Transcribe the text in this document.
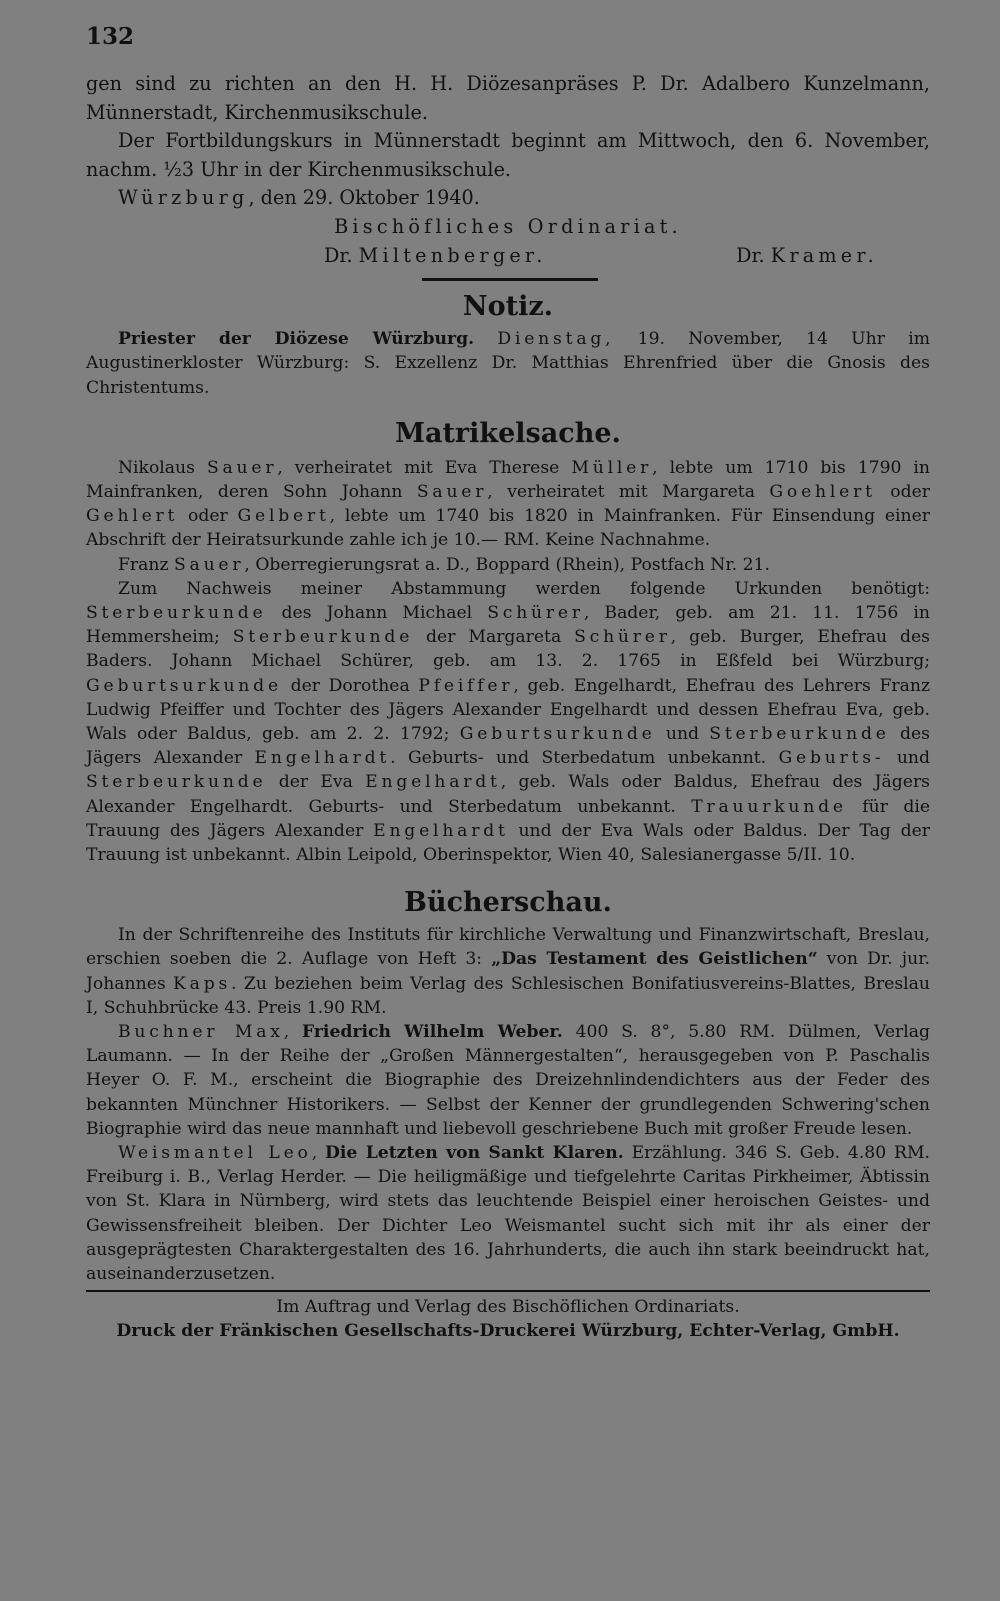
132

gen sind zu richten an den H. H. Diözesanpräses P. Dr. Adalbero Kunzelmann, Münnerstadt, Kirchenmusikschule.

Der Fortbildungskurs in Münnerstadt beginnt am Mittwoch, den 6. November, nachm. ½3 Uhr in der Kirchenmusikschule.

Würzburg, den 29. Oktober 1940.

Bischöfliches Ordinariat.

Dr. Miltenberger.	Dr. Kramer.

Notiz.

Priester der Diözese Würzburg. Dienstag, 19. November, 14 Uhr im Augustinerkloster Würzburg: S. Exzellenz Dr. Matthias Ehrenfried über die Gnosis des Christentums.

Matrikelsache.

Nikolaus Sauer, verheiratet mit Eva Therese Müller, lebte um 1710 bis 1790 in Mainfranken, deren Sohn Johann Sauer, verheiratet mit Margareta Goehlert oder Gehlert oder Gelbert, lebte um 1740 bis 1820 in Mainfranken. Für Einsendung einer Abschrift der Heiratsurkunde zahle ich je 10.— RM. Keine Nachnahme.

Franz Sauer, Oberregierungsrat a. D., Boppard (Rhein), Postfach Nr. 21.

Zum Nachweis meiner Abstammung werden folgende Urkunden benötigt: Sterbeurkunde des Johann Michael Schürer, Bader, geb. am 21. 11. 1756 in Hemmersheim; Sterbeurkunde der Margareta Schürer, geb. Burger, Ehefrau des Baders. Johann Michael Schürer, geb. am 13. 2. 1765 in Eßfeld bei Würzburg; Geburtsurkunde der Dorothea Pfeiffer, geb. Engelhardt, Ehefrau des Lehrers Franz Ludwig Pfeiffer und Tochter des Jägers Alexander Engelhardt und dessen Ehefrau Eva, geb. Wals oder Baldus, geb. am 2. 2. 1792; Geburtsurkunde und Sterbeurkunde des Jägers Alexander Engelhardt. Geburts- und Sterbedatum unbekannt. Geburts- und Sterbeurkunde der Eva Engelhardt, geb. Wals oder Baldus, Ehefrau des Jägers Alexander Engelhardt. Geburts- und Sterbedatum unbekannt. Trauurkunde für die Trauung des Jägers Alexander Engelhardt und der Eva Wals oder Baldus. Der Tag der Trauung ist unbekannt. Albin Leipold, Oberinspektor, Wien 40, Salesianergasse 5/II. 10.

Bücherschau.

In der Schriftenreihe des Instituts für kirchliche Verwaltung und Finanzwirtschaft, Breslau, erschien soeben die 2. Auflage von Heft 3: „Das Testament des Geistlichen“ von Dr. jur. Johannes Kaps. Zu beziehen beim Verlag des Schlesischen Bonifatiusvereins-Blattes, Breslau I, Schuhbrücke 43. Preis 1.90 RM.

Buchner Max, Friedrich Wilhelm Weber. 400 S. 8°, 5.80 RM. Dülmen, Verlag Laumann. — In der Reihe der „Großen Männergestalten“, herausgegeben von P. Paschalis Heyer O. F. M., erscheint die Biographie des Dreizehnlindendichters aus der Feder des bekannten Münchner Historikers. — Selbst der Kenner der grundlegenden Schwering'schen Biographie wird das neue mannhaft und liebevoll geschriebene Buch mit großer Freude lesen.

Weismantel Leo, Die Letzten von Sankt Klaren. Erzählung. 346 S. Geb. 4.80 RM. Freiburg i. B., Verlag Herder. — Die heiligmäßige und tiefgelehrte Caritas Pirkheimer, Äbtissin von St. Klara in Nürnberg, wird stets das leuchtende Beispiel einer heroischen Geistes- und Gewissensfreiheit bleiben. Der Dichter Leo Weismantel sucht sich mit ihr als einer der ausgeprägtesten Charaktergestalten des 16. Jahrhunderts, die auch ihn stark beeindruckt hat, auseinanderzusetzen.

Im Auftrag und Verlag des Bischöflichen Ordinariats.

Druck der Fränkischen Gesellschafts-Druckerei Würzburg, Echter-Verlag, GmbH.
